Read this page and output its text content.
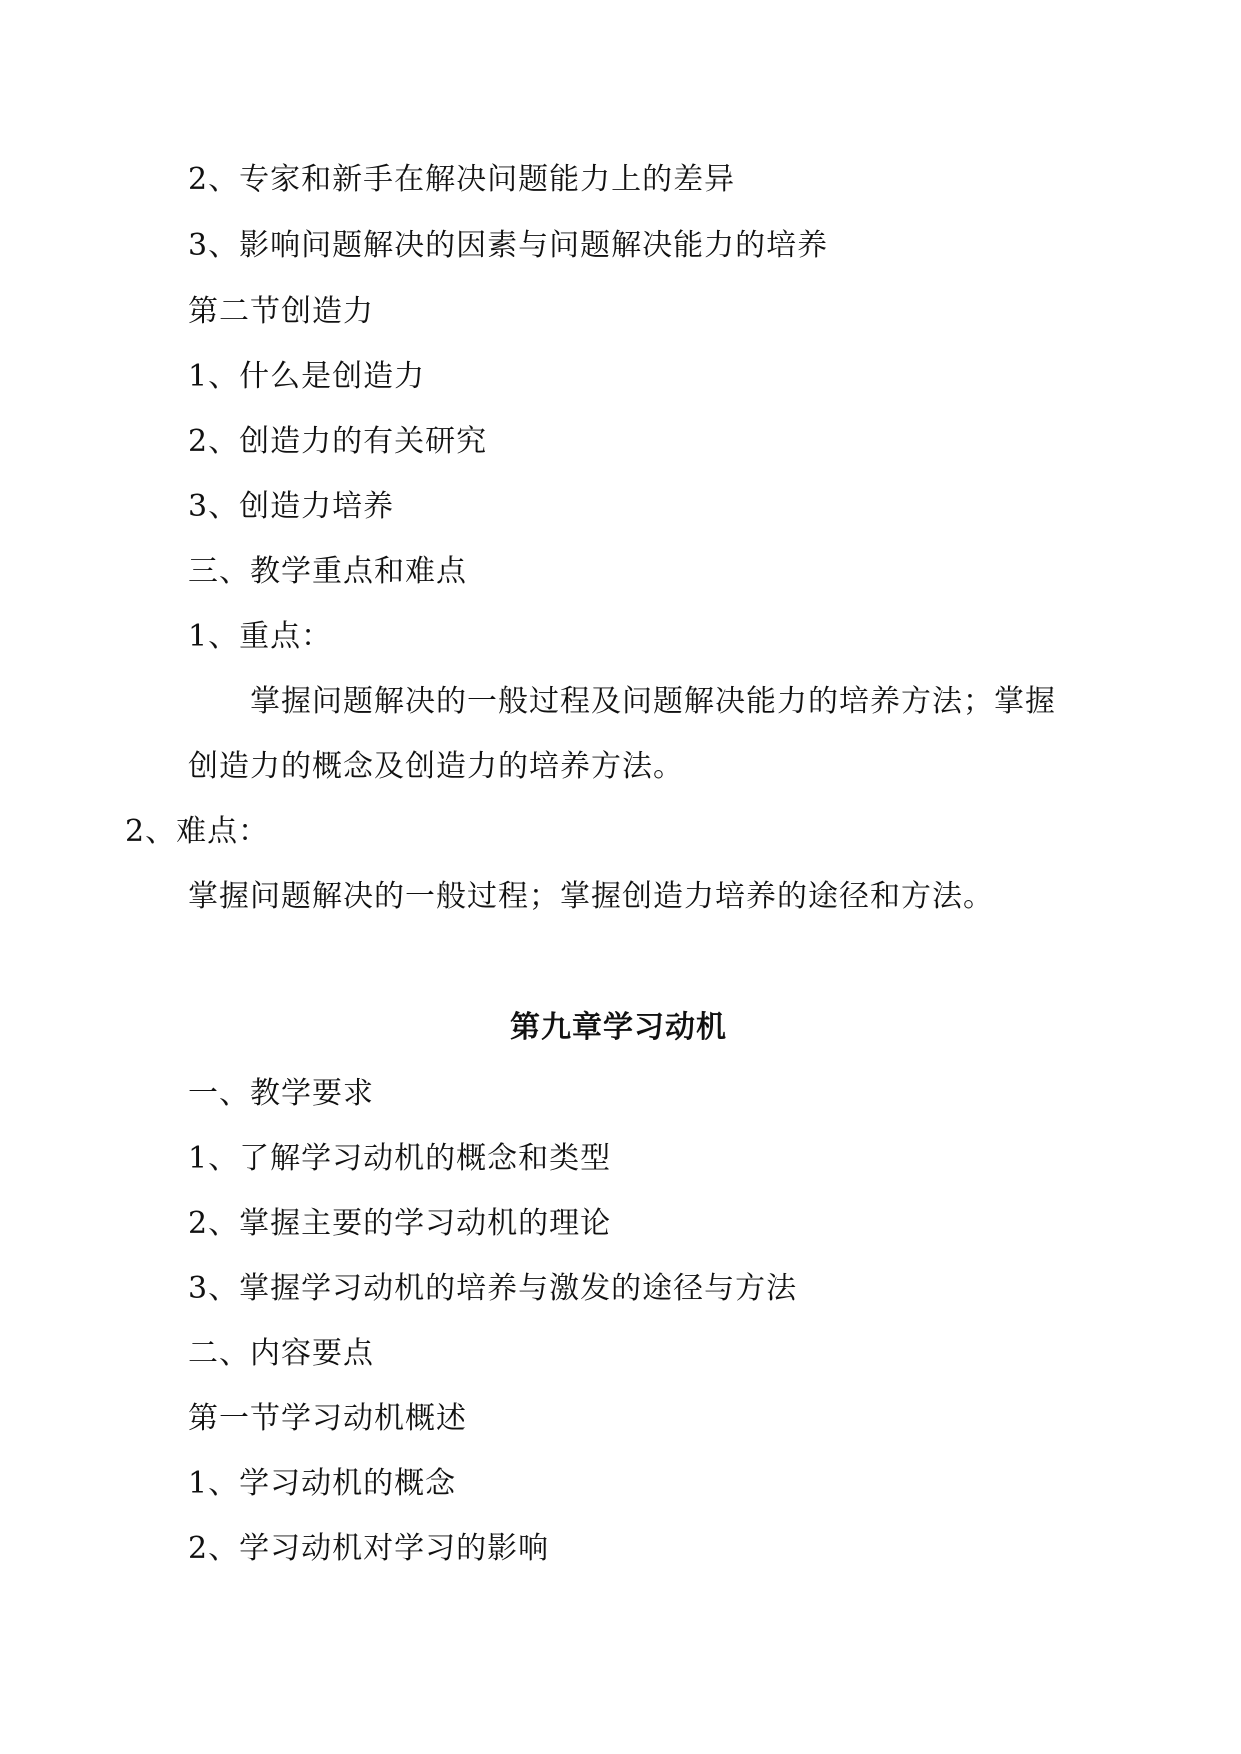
2、专家和新手在解决问题能力上的差异
3、影响问题解决的因素与问题解决能力的培养
第二节创造力
1、什么是创造力
2、创造力的有关研究
3、创造力培养
三、教学重点和难点
1、重点：
掌握问题解决的一般过程及问题解决能力的培养方法；掌握
创造力的概念及创造力的培养方法。
2、难点：
掌握问题解决的一般过程；掌握创造力培养的途径和方法。
第九章学习动机
一、教学要求
1、了解学习动机的概念和类型
2、掌握主要的学习动机的理论
3、掌握学习动机的培养与激发的途径与方法
二、内容要点
第一节学习动机概述
1、学习动机的概念
2、学习动机对学习的影响
